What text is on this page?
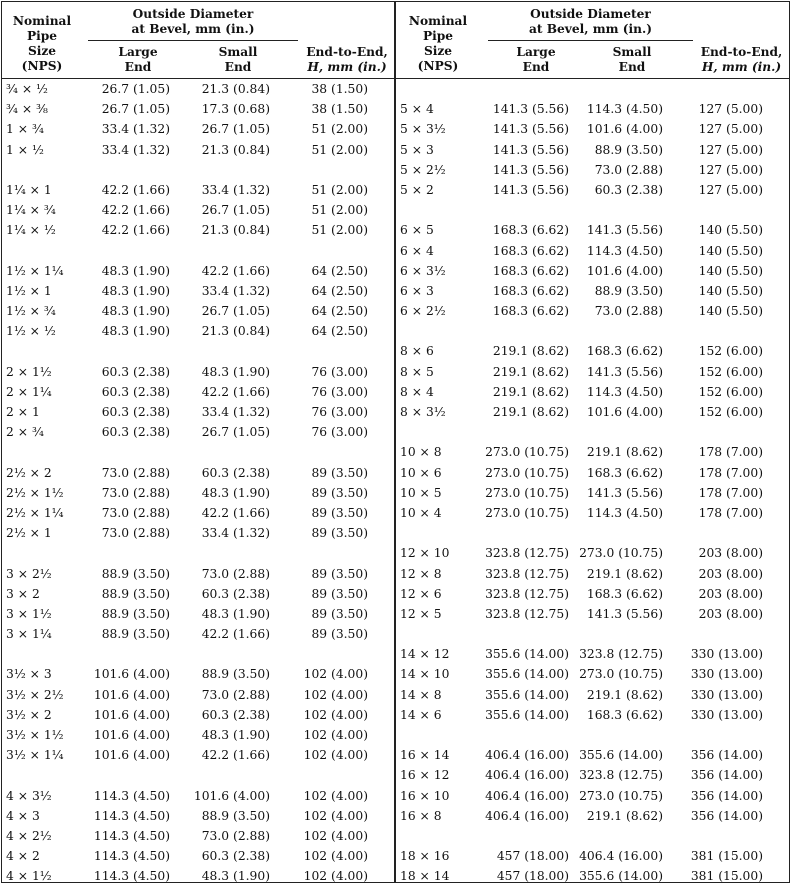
Nominal
Pipe
Size
(NPS)
Outside Diameter
at Bevel, mm (in.)
Large
End
Small
End
End-to-End,
H, mm (in.)
¾ × ½	26.7 (1.05)	21.3 (0.84)	38 (1.50)
¾ × ⅜	26.7 (1.05)	17.3 (0.68)	38 (1.50)
1 × ¾	33.4 (1.32)	26.7 (1.05)	51 (2.00)
1 × ½	33.4 (1.32)	21.3 (0.84)	51 (2.00)
1¼ × 1	42.2 (1.66)	33.4 (1.32)	51 (2.00)
1¼ × ¾	42.2 (1.66)	26.7 (1.05)	51 (2.00)
1¼ × ½	42.2 (1.66)	21.3 (0.84)	51 (2.00)
1½ × 1¼	48.3 (1.90)	42.2 (1.66)	64 (2.50)
1½ × 1	48.3 (1.90)	33.4 (1.32)	64 (2.50)
1½ × ¾	48.3 (1.90)	26.7 (1.05)	64 (2.50)
1½ × ½	48.3 (1.90)	21.3 (0.84)	64 (2.50)
2 × 1½	60.3 (2.38)	48.3 (1.90)	76 (3.00)
2 × 1¼	60.3 (2.38)	42.2 (1.66)	76 (3.00)
2 × 1	60.3 (2.38)	33.4 (1.32)	76 (3.00)
2 × ¾	60.3 (2.38)	26.7 (1.05)	76 (3.00)
2½ × 2	73.0 (2.88)	60.3 (2.38)	89 (3.50)
2½ × 1½	73.0 (2.88)	48.3 (1.90)	89 (3.50)
2½ × 1¼	73.0 (2.88)	42.2 (1.66)	89 (3.50)
2½ × 1	73.0 (2.88)	33.4 (1.32)	89 (3.50)
3 × 2½	88.9 (3.50)	73.0 (2.88)	89 (3.50)
3 × 2	88.9 (3.50)	60.3 (2.38)	89 (3.50)
3 × 1½	88.9 (3.50)	48.3 (1.90)	89 (3.50)
3 × 1¼	88.9 (3.50)	42.2 (1.66)	89 (3.50)
3½ × 3	101.6 (4.00)	88.9 (3.50)	102 (4.00)
3½ × 2½ 101.6 (4.00)	73.0 (2.88)	102 (4.00)
3½ × 2	101.6 (4.00)	60.3 (2.38)	102 (4.00)
3½ × 1½ 101.6 (4.00)	48.3 (1.90)	102 (4.00)
3½ × 1¼ 101.6 (4.00)	42.2 (1.66)	102 (4.00)
4 × 3½	114.3 (4.50) 101.6 (4.00)	102 (4.00)
4 × 3	114.3 (4.50)	88.9 (3.50)	102 (4.00)
4 × 2½	114.3 (4.50)	73.0 (2.88)	102 (4.00)
4 × 2	114.3 (4.50)	60.3 (2.38)	102 (4.00)
4 × 1½	114.3 (4.50)	48.3 (1.90)	102 (4.00)
Nominal
Pipe
Size
(NPS)
Outside Diameter
at Bevel, mm (in.)
Large
End
Small
End
End-to-End,
H, mm (in.)
5 × 4	141.3 (5.56) 114.3 (4.50)	127 (5.00)
5 × 3½	141.3 (5.56) 101.6 (4.00)	127 (5.00)
5 × 3	141.3 (5.56) 88.9 (3.50)	127 (5.00)
5 × 2½	141.3 (5.56) 73.0 (2.88)	127 (5.00)
5 × 2	141.3 (5.56) 60.3 (2.38)	127 (5.00)
6 × 5	168.3 (6.62) 141.3 (5.56)	140 (5.50)
6 × 4	168.3 (6.62) 114.3 (4.50)	140 (5.50)
6 × 3½	168.3 (6.62) 101.6 (4.00)	140 (5.50)
6 × 3	168.3 (6.62) 88.9 (3.50)	140 (5.50)
6 × 2½	168.3 (6.62) 73.0 (2.88)	140 (5.50)
8 × 6	219.1 (8.62) 168.3 (6.62)	152 (6.00)
8 × 5	219.1 (8.62) 141.3 (5.56)	152 (6.00)
8 × 4	219.1 (8.62) 114.3 (4.50)	152 (6.00)
8 × 3½	219.1 (8.62) 101.6 (4.00)	152 (6.00)
10 × 8	273.0 (10.75) 219.1 (8.62)	178 (7.00)
10 × 6	273.0 (10.75) 168.3 (6.62)	178 (7.00)
10 × 5	273.0 (10.75) 141.3 (5.56)	178 (7.00)
10 × 4	273.0 (10.75) 114.3 (4.50)	178 (7.00)
12 × 10	323.8 (12.75) 273.0 (10.75)	203 (8.00)
12 × 8	323.8 (12.75) 219.1 (8.62)	203 (8.00)
12 × 6	323.8 (12.75) 168.3 (6.62)	203 (8.00)
12 × 5	323.8 (12.75) 141.3 (5.56)	203 (8.00)
14 × 12	355.6 (14.00) 323.8 (12.75) 330 (13.00)
14 × 10	355.6 (14.00) 273.0 (10.75) 330 (13.00)
14 × 8	355.6 (14.00) 219.1 (8.62) 330 (13.00)
14 × 6	355.6 (14.00) 168.3 (6.62) 330 (13.00)
16 × 14	406.4 (16.00) 355.6 (14.00) 356 (14.00)
16 × 12	406.4 (16.00) 323.8 (12.75) 356 (14.00)
16 × 10	406.4 (16.00) 273.0 (10.75) 356 (14.00)
16 × 8	406.4 (16.00) 219.1 (8.62) 356 (14.00)
18 × 16	457 (18.00) 406.4 (16.00) 381 (15.00)
18 × 14	457 (18.00) 355.6 (14.00) 381 (15.00)
